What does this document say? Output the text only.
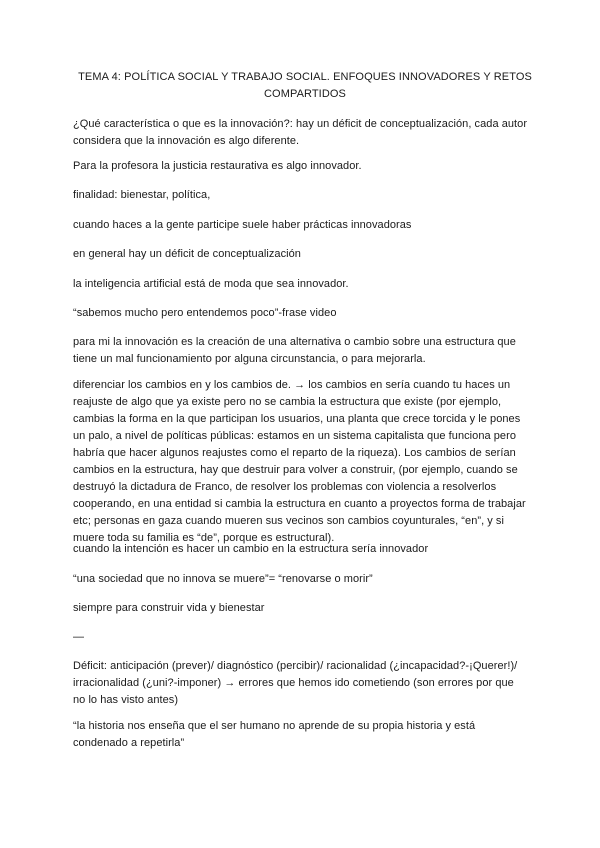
TEMA 4: POLÍTICA SOCIAL Y TRABAJO SOCIAL. ENFOQUES INNOVADORES Y RETOS COMPARTIDOS
¿Qué característica o que es la innovación?: hay un déficit de conceptualización, cada autor considera que la innovación es algo diferente.
Para la profesora la justicia restaurativa es algo innovador.
finalidad: bienestar, política,
cuando haces a la gente participe suele haber prácticas innovadoras
en general hay un déficit de conceptualización
la inteligencia artificial está de moda que sea innovador.
“sabemos mucho pero entendemos poco”-frase video
para mi la innovación es la creación de una alternativa o cambio sobre una estructura que tiene un mal funcionamiento por alguna circunstancia, o para mejorarla.
diferenciar los cambios en y los cambios de. → los cambios en sería cuando tu haces un reajuste de algo que ya existe pero no se cambia la estructura que existe (por ejemplo, cambias la forma en la que participan los usuarios, una planta que crece torcida y le pones un palo, a nivel de políticas públicas: estamos en un sistema capitalista que funciona pero habría que hacer algunos reajustes como el reparto de la riqueza). Los cambios de serían cambios en la estructura, hay que destruir para volver a construir, (por ejemplo, cuando se destruyó la dictadura de Franco, de resolver los problemas con violencia a resolverlos cooperando, en una entidad si cambia la estructura en cuanto a proyectos forma de trabajar etc; personas en gaza cuando mueren sus vecinos son cambios coyunturales, “en”, y si muere toda su familia es “de”, porque es estructural).
cuando la intención es hacer un cambio en la estructura sería innovador
“una sociedad que no innova se muere”= “renovarse o morir”
siempre para construir vida y bienestar
—
Déficit: anticipación (prever)/ diagnóstico (percibir)/ racionalidad (¿incapacidad?-¡Querer!)/ irracionalidad (¿uni?-imponer) → errores que hemos ido cometiendo (son errores por que no lo has visto antes)
“la historia nos enseña que el ser humano no aprende de su propia historia y está condenado a repetirla”
